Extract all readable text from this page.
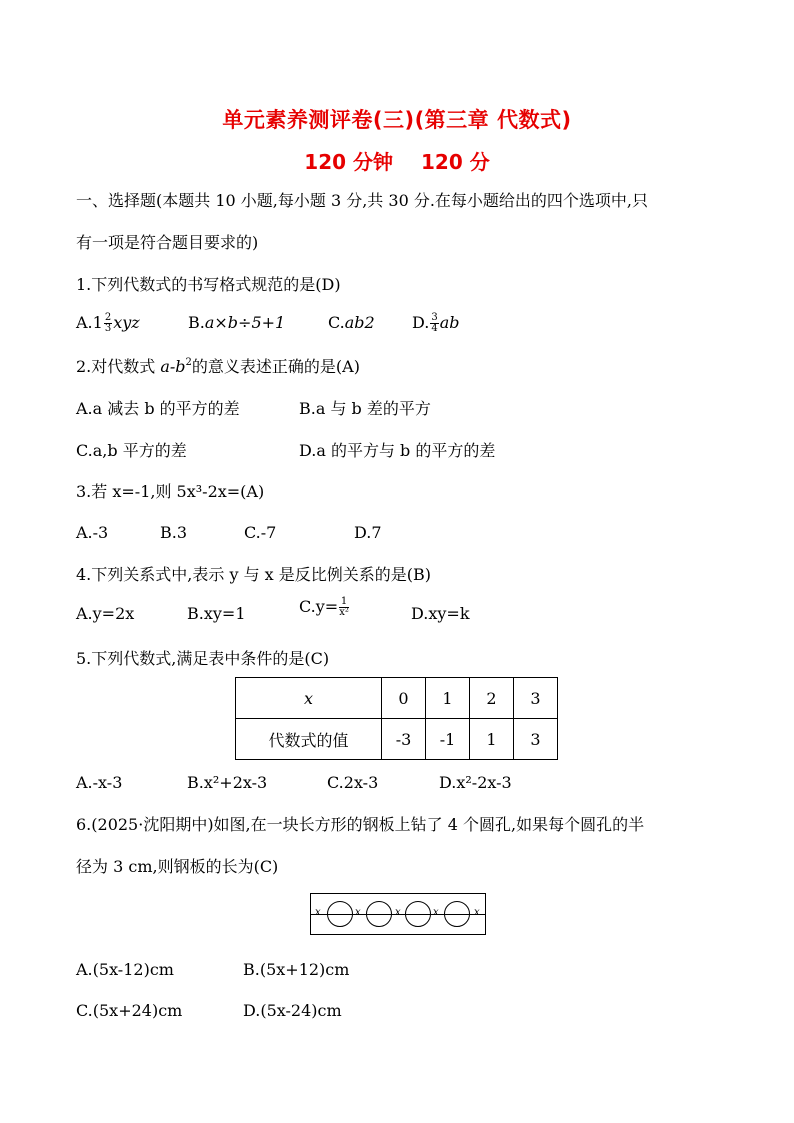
单元素养测评卷(三)(第三章 代数式)
120 分钟 120 分
一、选择题(本题共 10 小题,每小题 3 分,共 30 分.在每小题给出的四个选项中,只
有一项是符合题目要求的)
1.下列代数式的书写格式规范的是(D)
$A.1 \frac{2}{3}$ xyz	B.a×b÷5+1	C.ab2 D. $\frac{3}{4}$ ab
2.对代数式 $a-b^2$的意义表述正确的是(A)
A.a 减去 b 的平方的差	B.a 与 b 差的平方
C.a,b 平方的差	D.a 的平方与 b 的平方的差
3.若 x=-1,则 5x³-2x=(A)
A.-3	B.3	C.-7	D.7
4.下列关系式中,表示 y 与 x 是反比例关系的是(B)
A.y=2x	B.xy=1	$C.y= \frac{1}{\text{x²}}$	D.xy=k
5.下列代数式,满足表中条件的是(C)
x	0	1	2	3
代数式的值	-3	-1	1	3
A.-x-3	B.x²+2x-3	C.2x-3	D.x²-2x-3
6.(2025·沈阳期中)如图,在一块长方形的钢板上钻了 4 个圆孔,如果每个圆孔的半
径为 3 cm,则钢板的长为(C)
x	x	x	x	x
A.(5x-12)cm	B.(5x+12)cm
C.(5x+24)cm	D.(5x-24)cm
